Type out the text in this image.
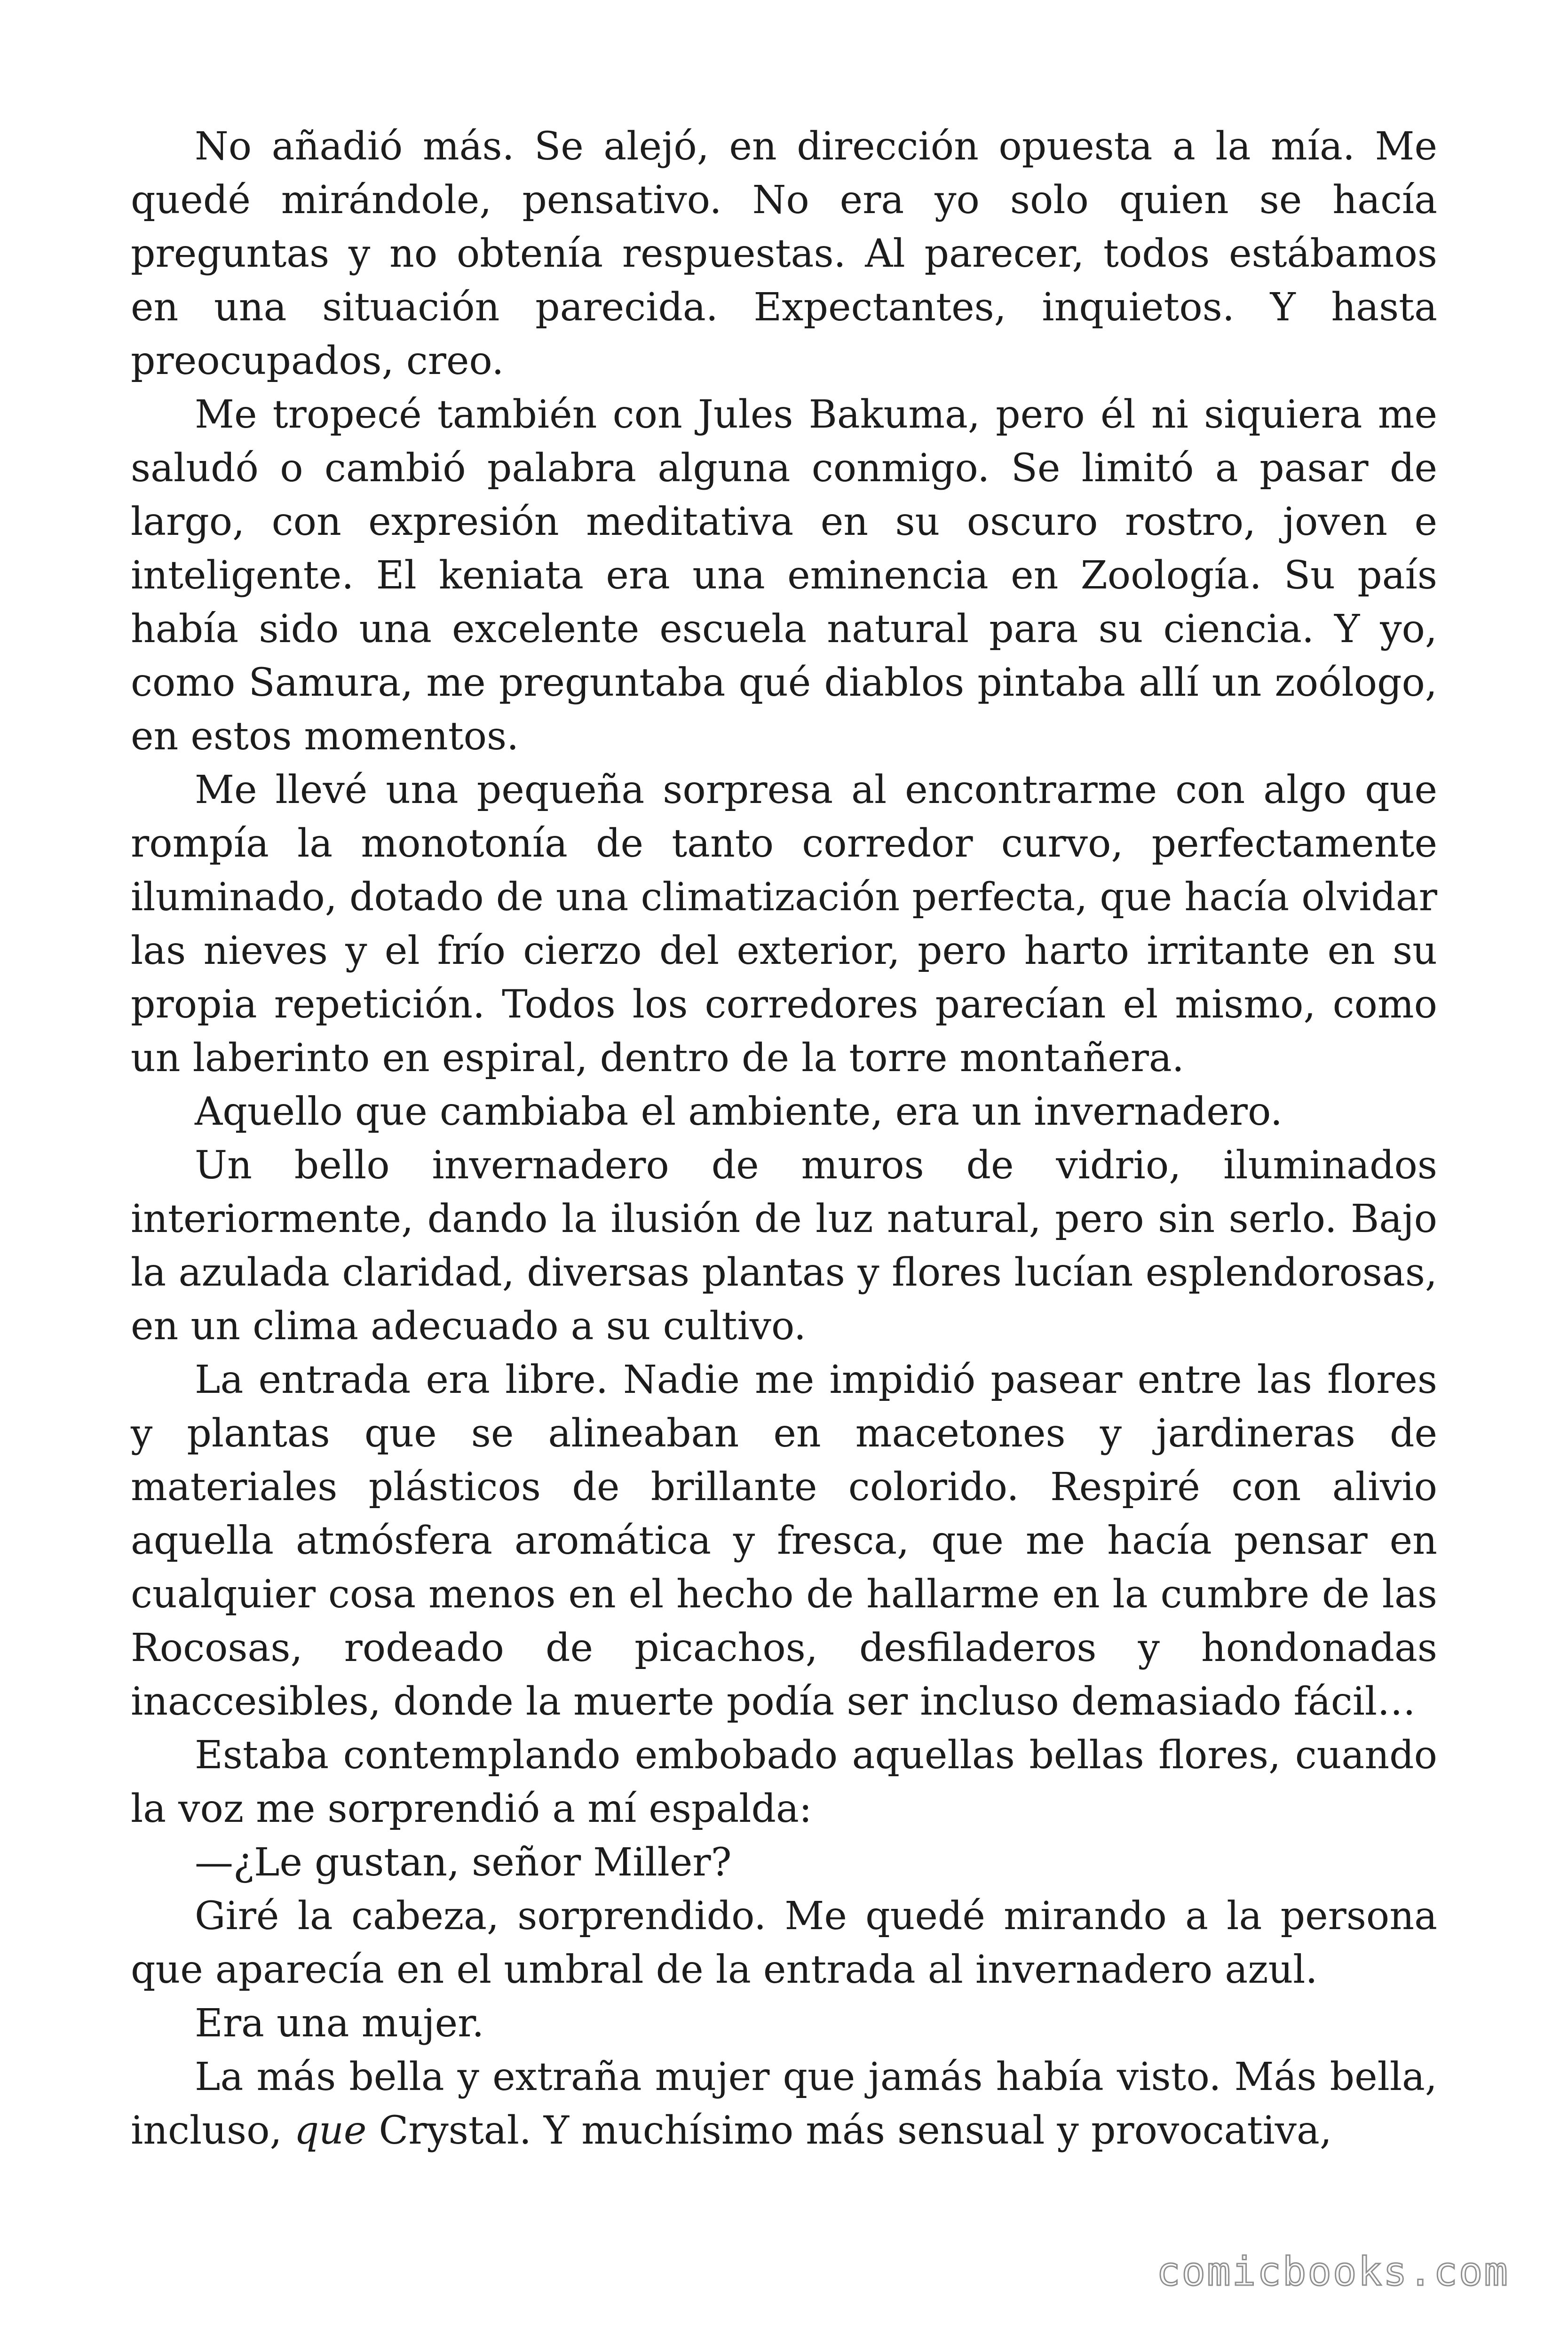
No añadió más. Se alejó, en dirección opuesta a la mía. Me quedé mirándole, pensativo. No era yo solo quien se hacía preguntas y no obtenía respuestas. Al parecer, todos estábamos en una situación parecida. Expectantes, inquietos. Y hasta preocupados, creo.

Me tropecé también con Jules Bakuma, pero él ni siquiera me saludó o cambió palabra alguna conmigo. Se limitó a pasar de largo, con expresión meditativa en su oscuro rostro, joven e inteligente. El keniata era una eminencia en Zoología. Su país había sido una excelente escuela natural para su ciencia. Y yo, como Samura, me preguntaba qué diablos pintaba allí un zoólogo, en estos momentos.

Me llevé una pequeña sorpresa al encontrarme con algo que rompía la monotonía de tanto corredor curvo, perfectamente iluminado, dotado de una climatización perfecta, que hacía olvidar las nieves y el frío cierzo del exterior, pero harto irritante en su propia repetición. Todos los corredores parecían el mismo, como un laberinto en espiral, dentro de la torre montañera.

Aquello que cambiaba el ambiente, era un invernadero.

Un bello invernadero de muros de vidrio, iluminados interiormente, dando la ilusión de luz natural, pero sin serlo. Bajo la azulada claridad, diversas plantas y flores lucían esplendorosas, en un clima adecuado a su cultivo.

La entrada era libre. Nadie me impidió pasear entre las flores y plantas que se alineaban en macetones y jardineras de materiales plásticos de brillante colorido. Respiré con alivio aquella atmósfera aromática y fresca, que me hacía pensar en cualquier cosa menos en el hecho de hallarme en la cumbre de las Rocosas, rodeado de picachos, desfiladeros y hondonadas inaccesibles, donde la muerte podía ser incluso demasiado fácil…

Estaba contemplando embobado aquellas bellas flores, cuando la voz me sorprendió a mí espalda:

—¿Le gustan, señor Miller?

Giré la cabeza, sorprendido. Me quedé mirando a la persona que aparecía en el umbral de la entrada al invernadero azul.

Era una mujer.

La más bella y extraña mujer que jamás había visto. Más bella, incluso, que Crystal. Y muchísimo más sensual y provocativa,

comicbooks.com
